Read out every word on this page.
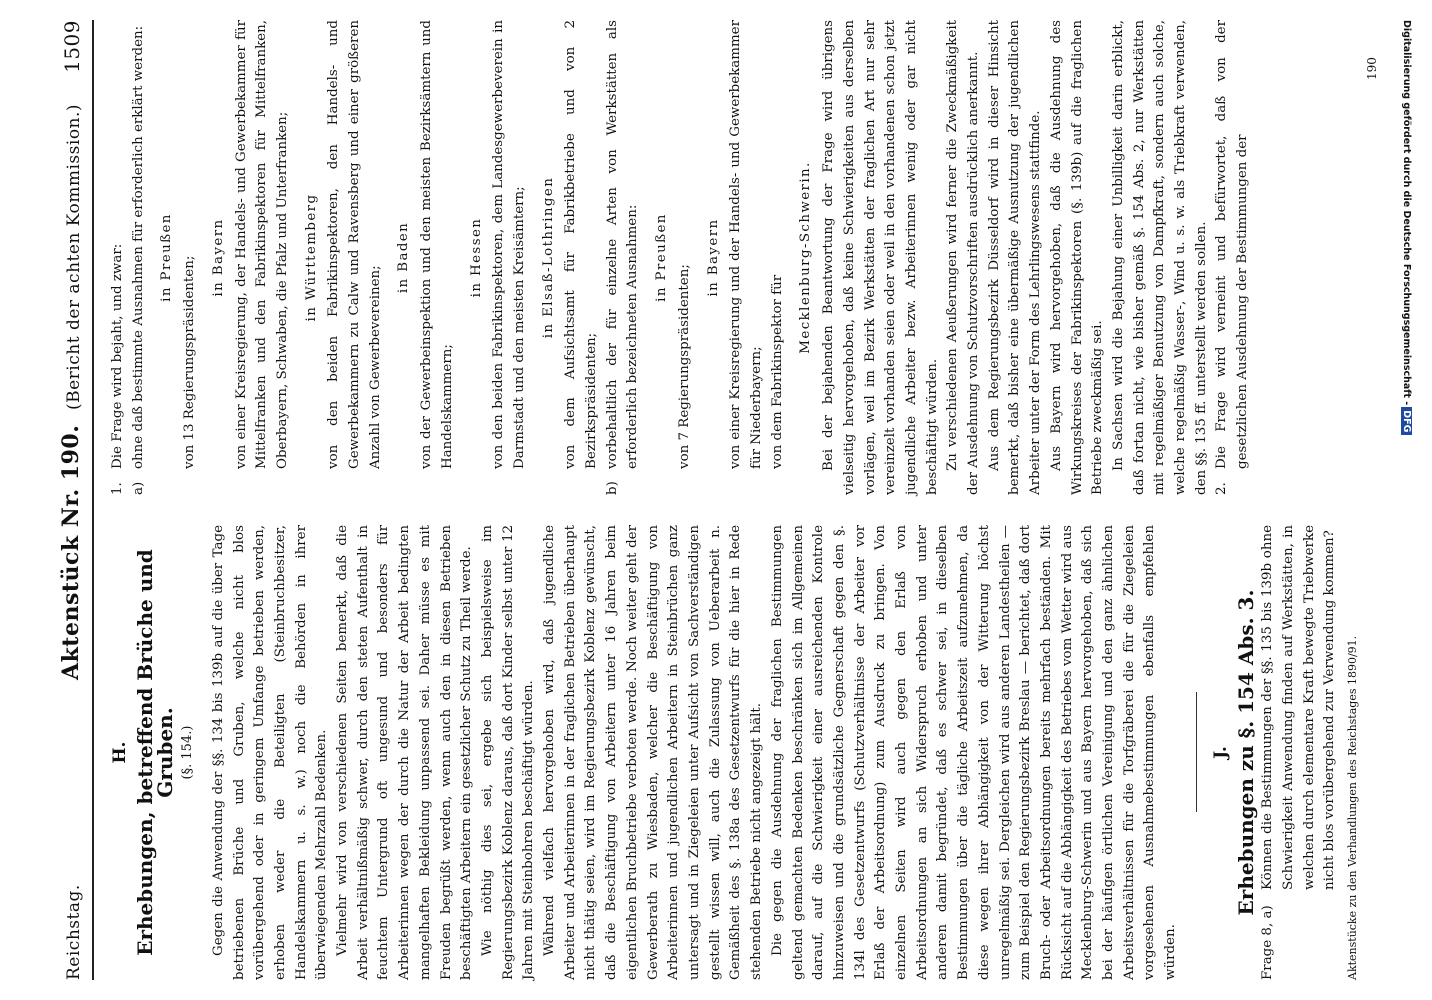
Reichstag.
Aktenstück Nr. 190.
(Bericht der achten Kommission.)
1509
H. Erhebungen, betreffend Brüche und Gruben. (§. 154.) Gegen die Anwendung der §§. 134 bis 139b auf die über Tage betriebenen Brüche und Gruben, welche nicht blos vorübergehend oder in geringem Umfange betrieben werden, erhoben weder die Beteiligten (Steinbruchbesitzer, Handelskammern u. s. w.) noch die Behörden in ihrer überwiegenden Mehrzahl Bedenken. Vielmehr wird von verschiedenen Seiten bemerkt, daß die Arbeit verhältnißmäßig schwer, durch den steten Aufenthalt in feuchtem Untergrund oft ungesund und besonders für Arbeiterinnen wegen der durch die Natur der Arbeit bedingten mangelhaften Bekleidung unpassend sei. Daher müsse es mit Freuden begrüßt werden, wenn auch den in diesen Betrieben beschäftigten Arbeitern ein gesetzlicher Schutz zu Theil werde. Wie nöthig dies sei, ergebe sich beispielsweise im Regierungsbezirk Koblenz daraus, daß dort Kinder selbst unter 12 Jahren mit Steinbohren beschäftigt würden. Während vielfach hervorgehoben wird, daß jugendliche Arbeiter und Arbeiterinnen in der fraglichen Betrieben überhaupt nicht thätig seien, wird im Regierungsbezirk Koblenz gewünscht, daß die Beschäftigung von Arbeitern unter 16 Jahren beim eigentlichen Bruchbetriebe verboten werde. Noch weiter geht der Gewerberath zu Wiesbaden, welcher die Beschäftigung von Arbeiterinnen und jugendlichen Arbeitern in Steinbrüchen ganz untersagt und in Ziegeleien unter Aufsicht von Sachverständigen gestellt wissen will, auch die Zulassung von Ueberarbeit n. Gemäßheit des §. 138a des Gesetzentwurfs für die hier in Rede stehenden Betriebe nicht angezeigt hält. Die gegen die Ausdehnung der fraglichen Bestimmungen geltend gemachten Bedenken beschränken sich im Allgemeinen darauf, auf die Schwierigkeit einer ausreichenden Kontrole hinzuweisen und die grundsätzliche Gegnerschaft gegen den §. 134l des Gesetzentwurfs (Schutzverhältnisse der Arbeiter vor Erlaß der Arbeitsordnung) zum Ausdruck zu bringen. Von einzelnen Seiten wird auch gegen den Erlaß von Arbeitsordnungen an sich Widerspruch erhoben und unter anderen damit begründet, daß es schwer sei, in dieselben Bestimmungen über die tägliche Arbeitszeit aufzunehmen, da diese wegen ihrer Abhängigkeit von der Witterung höchst unregelmäßig sei. Dergleichen wird aus anderen Landestheilen — zum Beispiel den Regierungsbezirk Breslau — berichtet, daß dort Bruch- oder Arbeitsordnungen bereits mehrfach beständen. Mit Rücksicht auf die Abhängigkeit des Betriebes vom Wetter wird aus Mecklenburg-Schwerin und aus Bayern hervorgehoben, daß sich bei der häufigen örtlichen Vereinigung und den ganz ähnlichen Arbeitsverhältnissen für die Torfgräberei die für die Ziegeleien vorgesehenen Ausnahmebestimmungen ebenfalls empfehlen würden.

J. Erhebungen zu §. 154 Abs. 3.

Frage 8, a)
Können die Bestimmungen der §§. 135 bis 139b ohne Schwierigkeit Anwendung finden auf Werkstätten, in welchen durch elementare Kraft bewegte Triebwerke nicht blos vorübergehend zur Verwendung kommen? Aktenstücke zu den Verhandlungen des Reichstages 1890/91.

1.
Die Frage wird bejaht, und zwar:

a)
ohne daß bestimmte Ausnahmen für erforderlich erklärt werden: in Preußen von 13 Regierungspräsidenten; in Bayern von einer Kreisregierung, der Handels- und Gewerbekammer für Mittelfranken und den Fabrikinspektoren für Mittelfranken, Oberbayern, Schwaben, die Pfalz und Unterfranken; in Württemberg von den beiden Fabrikinspektoren, den Handels- und Gewerbekammern zu Calw und Ravensberg und einer größeren Anzahl von Gewerbevereinen;

in Baden von der Gewerbeinspektion und den meisten Bezirksämtern und Handelskammern;

in Hessen von den beiden Fabrikinspektoren, dem Landesgewerbeverein in Darmstadt und den meisten Kreisämtern; in Elsaß-Lothringen von dem Aufsichtsamt für Fabrikbetriebe und von 2 Bezirkspräsidenten;

b)
vorbehaltlich der für einzelne Arten von Werkstätten als erforderlich bezeichneten Ausnahmen: in Preußen

von 7 Regierungspräsidenten;

in Bayern von einer Kreisregierung und der Handels- und Gewerbekammer für Niederbayern; von dem Fabrikinspektor für

Mecklenburg-Schwerin. Bei der bejahenden Beantwortung der Frage wird übrigens vielseitig hervorgehoben, daß keine Schwierigkeiten aus derselben vorlägen, weil im Bezirk Werkstätten der fraglichen Art nur sehr vereinzelt vorhanden seien oder weil in den vorhandenen schon jetzt jugendliche Arbeiter bezw. Arbeiterinnen wenig oder gar nicht beschäftigt würden. Zu verschiedenen Aeußerungen wird ferner die Zweckmäßigkeit der Ausdehnung von Schutzvorschriften ausdrücklich anerkannt. Aus dem Regierungsbezirk Düsseldorf wird in dieser Hinsicht bemerkt, daß bisher eine übermäßige Ausnutzung der jugendlichen Arbeiter unter der Form des Lehrlingswesens stattfinde. Aus Bayern wird hervorgehoben, daß die Ausdehnung des Wirkungskreises der Fabrikinspektoren (§. 139b) auf die fraglichen Betriebe zweckmäßig sei. In Sachsen wird die Bejahung einer Unbilligkeit darin erblickt, daß fortan nicht, wie bisher gemäß §. 154 Abs. 2, nur Werkstätten mit regelmäßiger Benutzung von Dampfkraft, sondern auch solche, welche regelmäßig Wasser-, Wind u. s. w. als Triebkraft verwenden, den §§. 135 ff. unterstellt werden sollen. 2.
Die Frage wird verneint und befürwortet, daß von der gesetzlichen Ausdehnung der Bestimmungen der

190 Digitalisierung gefördert durch die Deutsche Forschungsgemeinschaft -DFG
